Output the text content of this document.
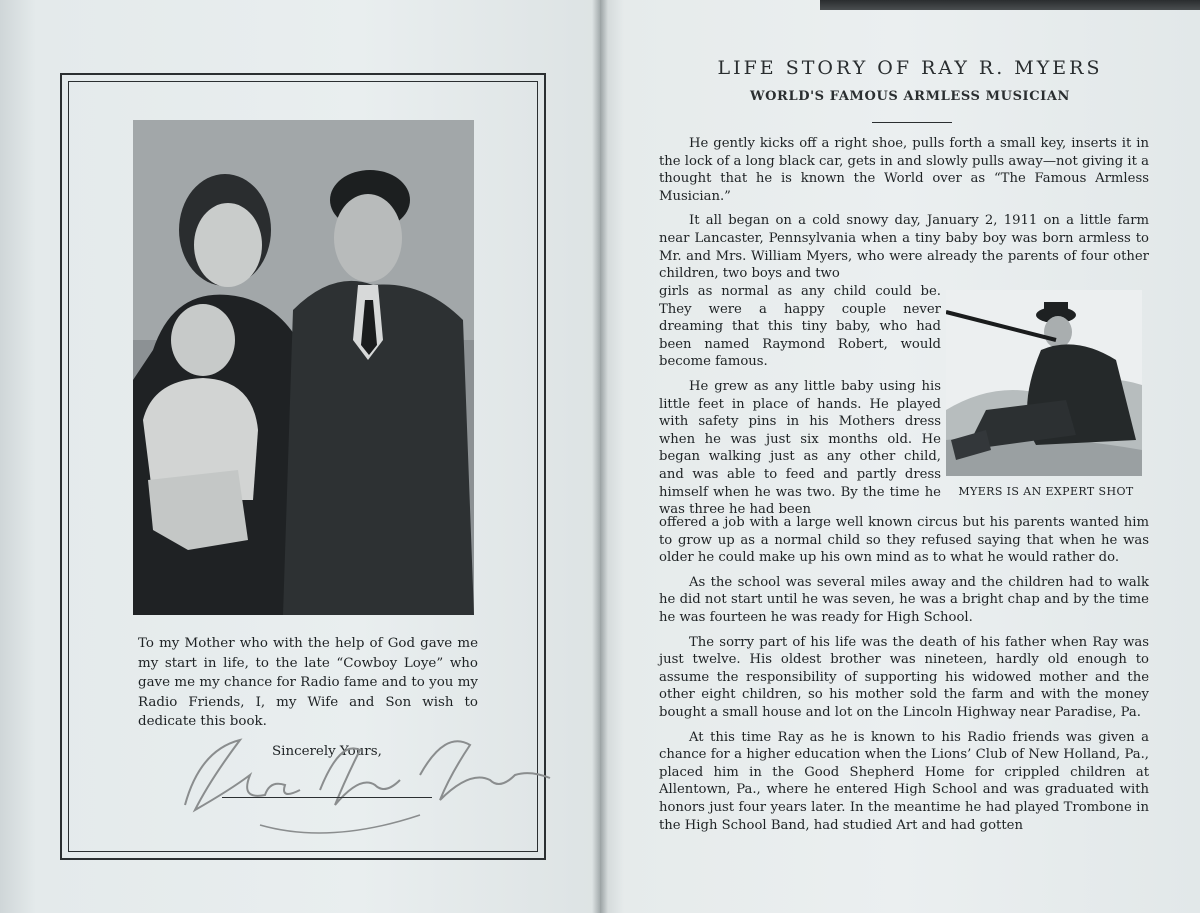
To my Mother who with the help of God gave me my start in life, to the late “Cowboy Loye” who gave me my chance for Radio fame and to you my Radio Friends, I, my Wife and Son wish to dedicate this book.
Sincerely Yours,
LIFE STORY OF RAY R. MYERS
WORLD'S FAMOUS ARMLESS MUSICIAN

He gently kicks off a right shoe, pulls forth a small key, inserts it in the lock of a long black car, gets in and slowly pulls away—not giving it a thought that he is known the World over as “The Famous Armless Musician.”

It all began on a cold snowy day, January 2, 1911 on a little farm near Lancaster, Pennsylvania when a tiny baby boy was born armless to Mr. and Mrs. William Myers, who were already the parents of four other children, two boys and two

girls as normal as any child could be. They were a happy couple never dreaming that this tiny baby, who had been named Raymond Robert, would become famous.

He grew as any little baby using his little feet in place of hands. He played with safety pins in his Mothers dress when he was just six months old. He began walking just as any other child, and was able to feed and partly dress himself when he was two. By the time he was three he had been

MYERS IS AN EXPERT SHOT

offered a job with a large well known circus but his parents wanted him to grow up as a normal child so they refused saying that when he was older he could make up his own mind as to what he would rather do.

As the school was several miles away and the children had to walk he did not start until he was seven, he was a bright chap and by the time he was fourteen he was ready for High School.

The sorry part of his life was the death of his father when Ray was just twelve. His oldest brother was nineteen, hardly old enough to assume the responsibility of supporting his widowed mother and the other eight children, so his mother sold the farm and with the money bought a small house and lot on the Lincoln Highway near Paradise, Pa.

At this time Ray as he is known to his Radio friends was given a chance for a higher education when the Lions’ Club of New Holland, Pa., placed him in the Good Shepherd Home for crippled children at Allentown, Pa., where he entered High School and was graduated with honors just four years later. In the meantime he had played Trombone in the High School Band, had studied Art and had gotten
